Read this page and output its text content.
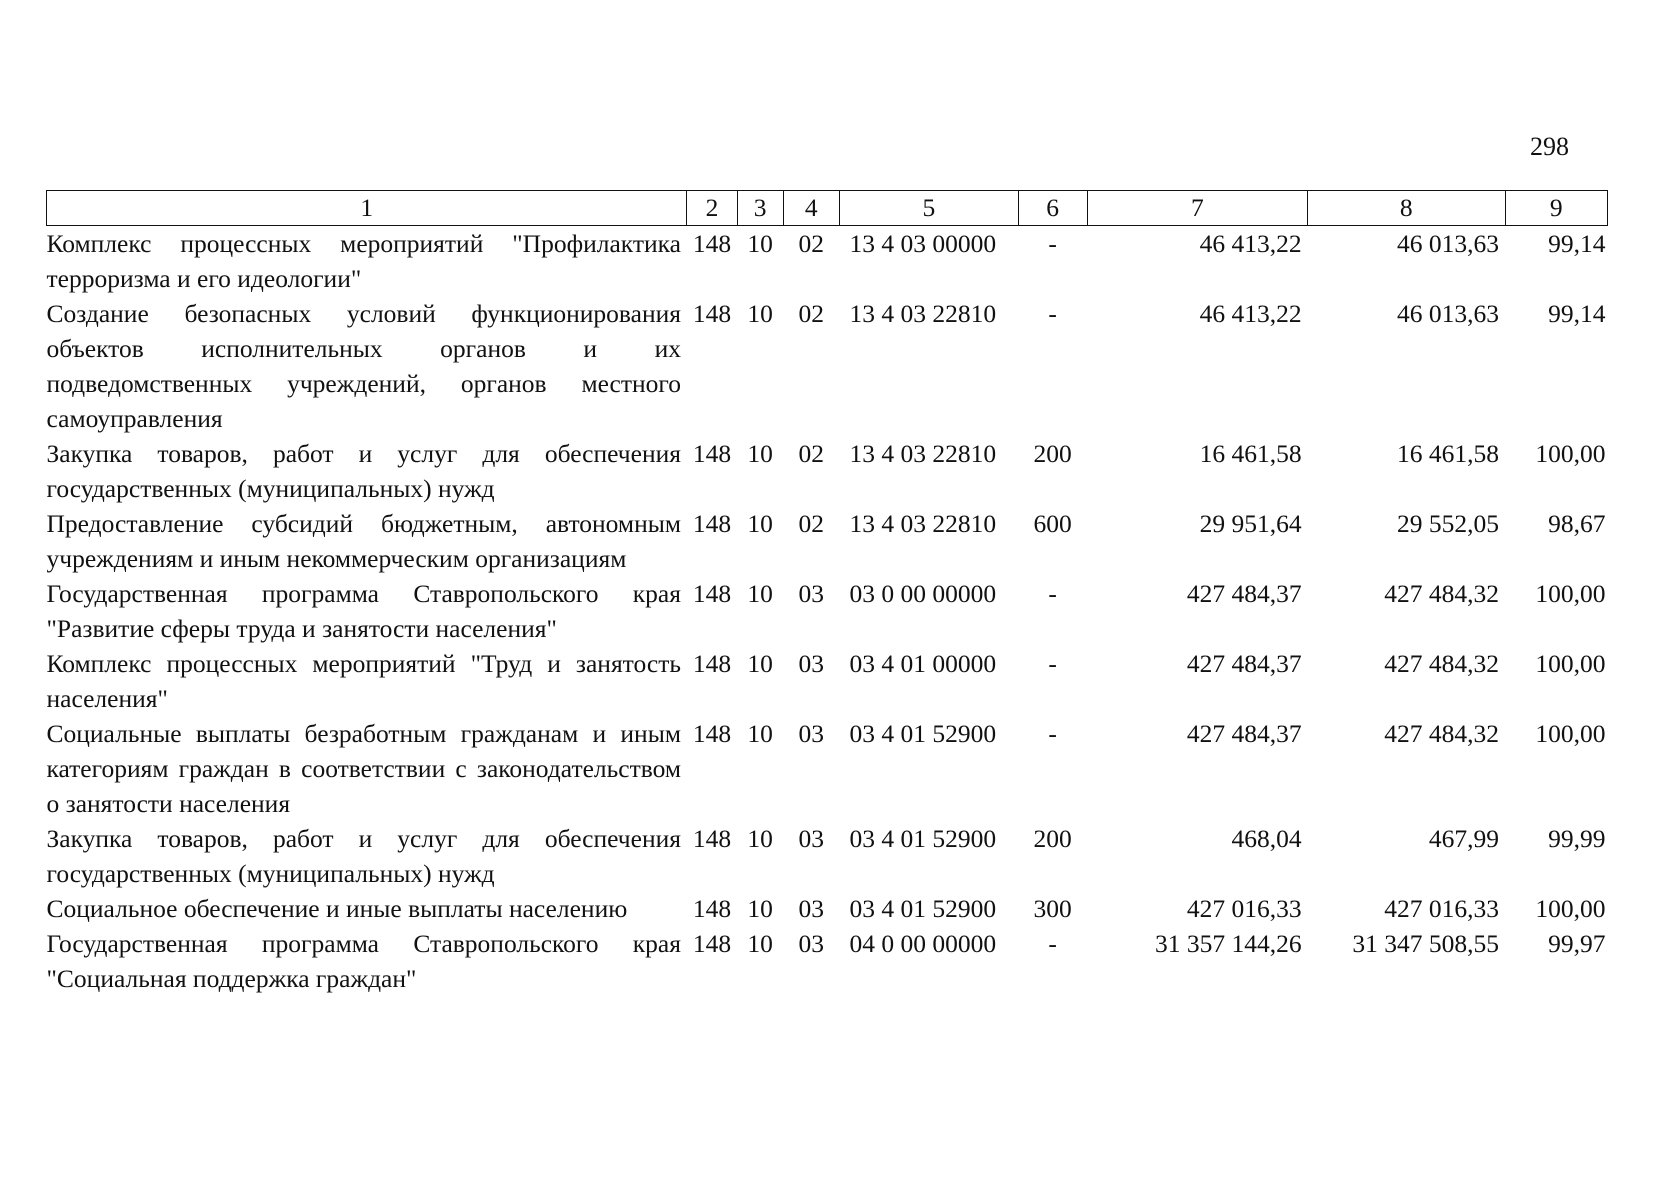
298
1	2	3	4	5	6	7	8	9
Комплекс процессных мероприятий "Профилактика терроризма и его идеологии"	148	10	02	13 4 03 00000	-	46 413,22	46 013,63	99,14
Создание безопасных условий функционирования объектов исполнительных органов и их подведомственных учреждений, органов местного самоуправления	148	10	02	13 4 03 22810	-	46 413,22	46 013,63	99,14
Закупка товаров, работ и услуг для обеспечения государственных (муниципальных) нужд	148	10	02	13 4 03 22810	200	16 461,58	16 461,58	100,00
Предоставление субсидий бюджетным, автономным учреждениям и иным некоммерческим организациям	148	10	02	13 4 03 22810	600	29 951,64	29 552,05	98,67
Государственная программа Ставропольского края "Развитие сферы труда и занятости населения"	148	10	03	03 0 00 00000	-	427 484,37	427 484,32	100,00
Комплекс процессных мероприятий "Труд и занятость населения"	148	10	03	03 4 01 00000	-	427 484,37	427 484,32	100,00
Социальные выплаты безработным гражданам и иным категориям граждан в соответствии с законодательством о занятости населения	148	10	03	03 4 01 52900	-	427 484,37	427 484,32	100,00
Закупка товаров, работ и услуг для обеспечения государственных (муниципальных) нужд	148	10	03	03 4 01 52900	200	468,04	467,99	99,99
Социальное обеспечение и иные выплаты населению	148	10	03	03 4 01 52900	300	427 016,33	427 016,33	100,00
Государственная программа Ставропольского края "Социальная поддержка граждан"	148	10	03	04 0 00 00000	-	31 357 144,26	31 347 508,55	99,97
